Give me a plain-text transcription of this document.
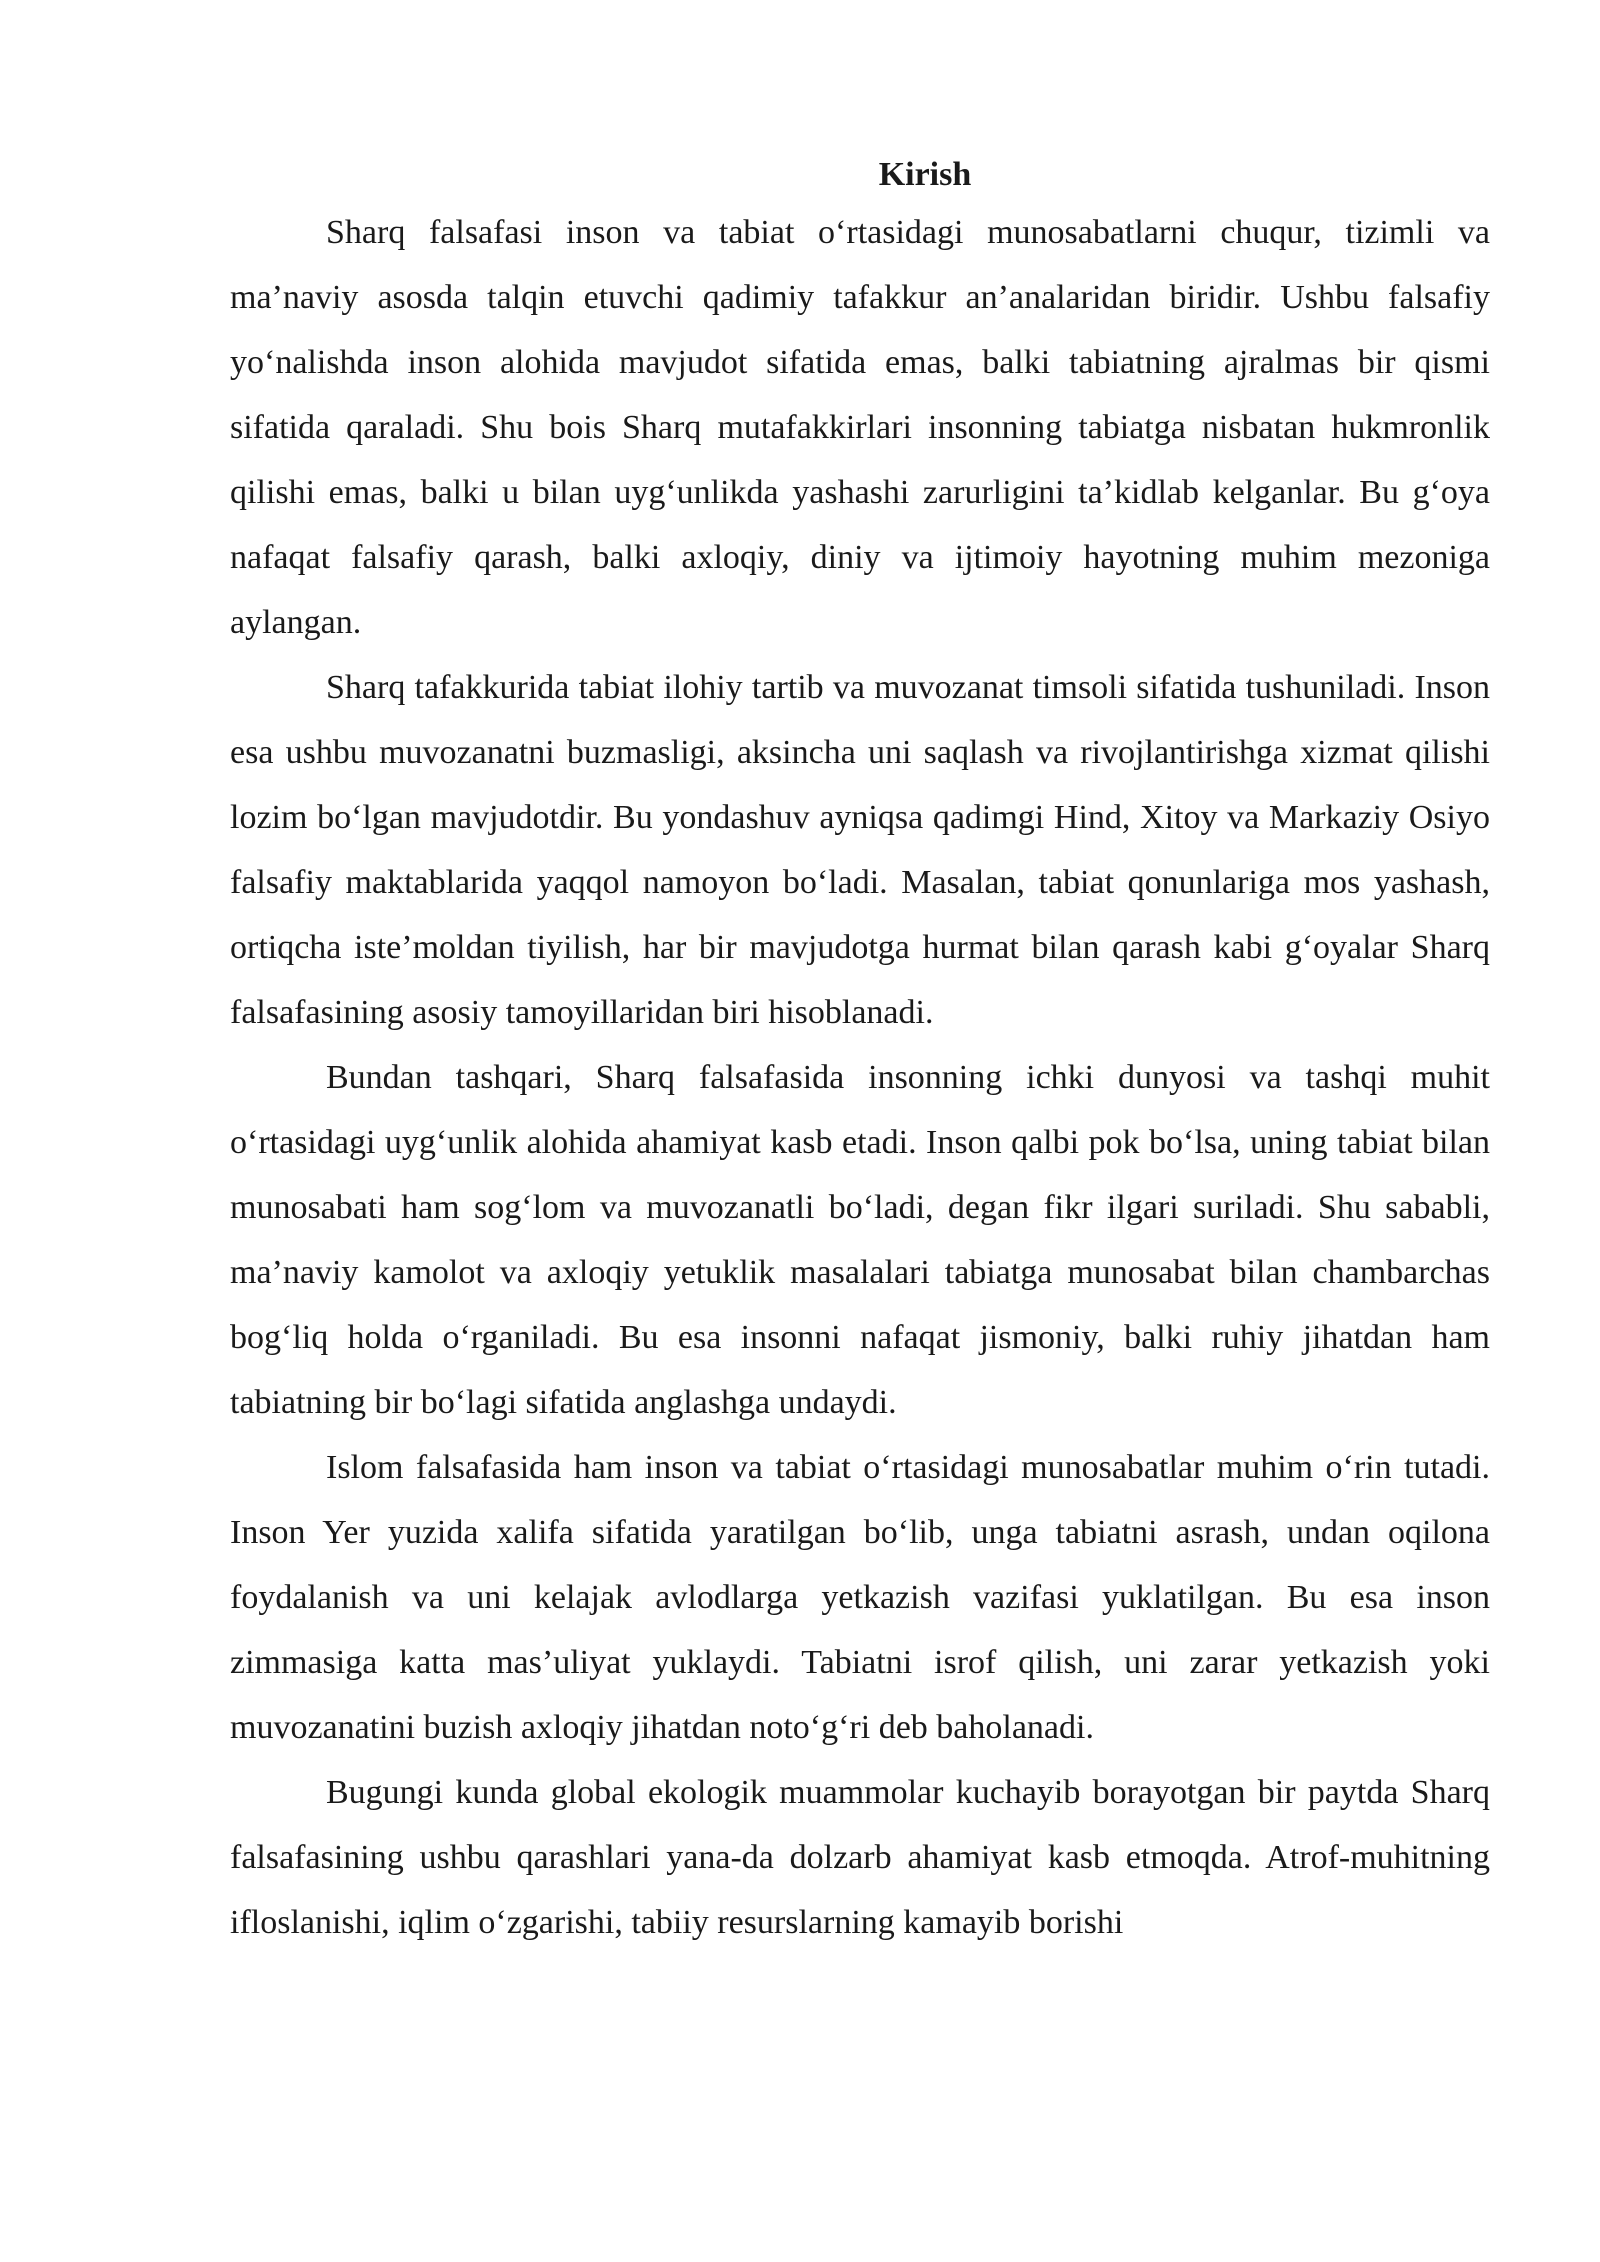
Kirish

Sharq falsafasi inson va tabiat o‘rtasidagi munosabatlarni chuqur, tizimli va ma’naviy asosda talqin etuvchi qadimiy tafakkur an’analaridan biridir. Ushbu falsafiy yo‘nalishda inson alohida mavjudot sifatida emas, balki tabiatning ajralmas bir qismi sifatida qaraladi. Shu bois Sharq mutafakkirlari insonning tabiatga nisbatan hukmronlik qilishi emas, balki u bilan uyg‘unlikda yashashi zarurligini ta’kidlab kelganlar. Bu g‘oya nafaqat falsafiy qarash, balki axloqiy, diniy va ijtimoiy hayotning muhim mezoniga aylangan.

Sharq tafakkurida tabiat ilohiy tartib va muvozanat timsoli sifatida tushuniladi. Inson esa ushbu muvozanatni buzmasligi, aksincha uni saqlash va rivojlantirishga xizmat qilishi lozim bo‘lgan mavjudotdir. Bu yondashuv ayniqsa qadimgi Hind, Xitoy va Markaziy Osiyo falsafiy maktablarida yaqqol namoyon bo‘ladi. Masalan, tabiat qonunlariga mos yashash, ortiqcha iste’moldan tiyilish, har bir mavjudotga hurmat bilan qarash kabi g‘oyalar Sharq falsafasining asosiy tamoyillaridan biri hisoblanadi.

Bundan tashqari, Sharq falsafasida insonning ichki dunyosi va tashqi muhit o‘rtasidagi uyg‘unlik alohida ahamiyat kasb etadi. Inson qalbi pok bo‘lsa, uning tabiat bilan munosabati ham sog‘lom va muvozanatli bo‘ladi, degan fikr ilgari suriladi. Shu sababli, ma’naviy kamolot va axloqiy yetuklik masalalari tabiatga munosabat bilan chambarchas bog‘liq holda o‘rganiladi. Bu esa insonni nafaqat jismoniy, balki ruhiy jihatdan ham tabiatning bir bo‘lagi sifatida anglashga undaydi.

Islom falsafasida ham inson va tabiat o‘rtasidagi munosabatlar muhim o‘rin tutadi. Inson Yer yuzida xalifa sifatida yaratilgan bo‘lib, unga tabiatni asrash, undan oqilona foydalanish va uni kelajak avlodlarga yetkazish vazifasi yuklatilgan. Bu esa inson zimmasiga katta mas’uliyat yuklaydi. Tabiatni isrof qilish, uni zarar yetkazish yoki muvozanatini buzish axloqiy jihatdan noto‘g‘ri deb baholanadi.

Bugungi kunda global ekologik muammolar kuchayib borayotgan bir paytda Sharq falsafasining ushbu qarashlari yana-da dolzarb ahamiyat kasb etmoqda. Atrof-muhitning ifloslanishi, iqlim o‘zgarishi, tabiiy resurslarning kamayib borishi
